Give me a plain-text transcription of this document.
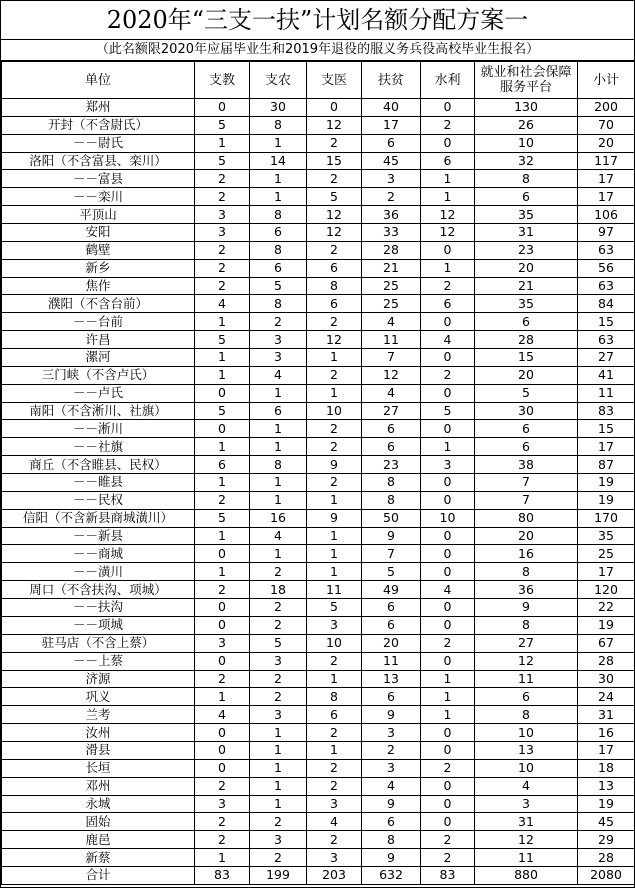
2020年“三支一扶”计划名额分配方案一
（此名额限2020年应届毕业生和2019年退役的服义务兵役高校毕业生报名）
单位	支教	支农	支医	扶贫	水利	就业和社会保障服务平台	小计
郑州	0	30	0	40	0	130	200
开封（不含尉氏）	5	8	12	17	2	26	70
－－尉氏	1	1	2	6	0	10	20
洛阳（不含富县、栾川）	5	14	15	45	6	32	117
－－富县	2	1	2	3	1	8	17
－－栾川	2	1	5	2	1	6	17
平顶山	3	8	12	36	12	35	106
安阳	3	6	12	33	12	31	97
鹤壁	2	8	2	28	0	23	63
新乡	2	6	6	21	1	20	56
焦作	2	5	8	25	2	21	63
濮阳（不含台前）	4	8	6	25	6	35	84
－－台前	1	2	2	4	0	6	15
许昌	5	3	12	11	4	28	63
漯河	1	3	1	7	0	15	27
三门峡（不含卢氏）	1	4	2	12	2	20	41
－－卢氏	0	1	1	4	0	5	11
南阳（不含淅川、社旗）	5	6	10	27	5	30	83
－－淅川	0	1	2	6	0	6	15
－－社旗	1	1	2	6	1	6	17
商丘（不含睢县、民权）	6	8	9	23	3	38	87
－－睢县	1	1	2	8	0	7	19
－－民权	2	1	1	8	0	7	19
信阳（不含新县商城潢川）	5	16	9	50	10	80	170
－－新县	1	4	1	9	0	20	35
－－商城	0	1	1	7	0	16	25
－－潢川	1	2	1	5	0	8	17
周口（不含扶沟、项城）	2	18	11	49	4	36	120
－－扶沟	0	2	5	6	0	9	22
－－项城	0	2	3	6	0	8	19
驻马店（不含上蔡）	3	5	10	20	2	27	67
－－上蔡	0	3	2	11	0	12	28
济源	2	2	1	13	1	11	30
巩义	1	2	8	6	1	6	24
兰考	4	3	6	9	1	8	31
汝州	0	1	2	3	0	10	16
滑县	0	1	1	2	0	13	17
长垣	0	1	2	3	2	10	18
邓州	2	1	2	4	0	4	13
永城	3	1	3	9	0	3	19
固始	2	2	4	6	0	31	45
鹿邑	2	3	2	8	2	12	29
新蔡	1	2	3	9	2	11	28
合计	83	199	203	632	83	880	2080
